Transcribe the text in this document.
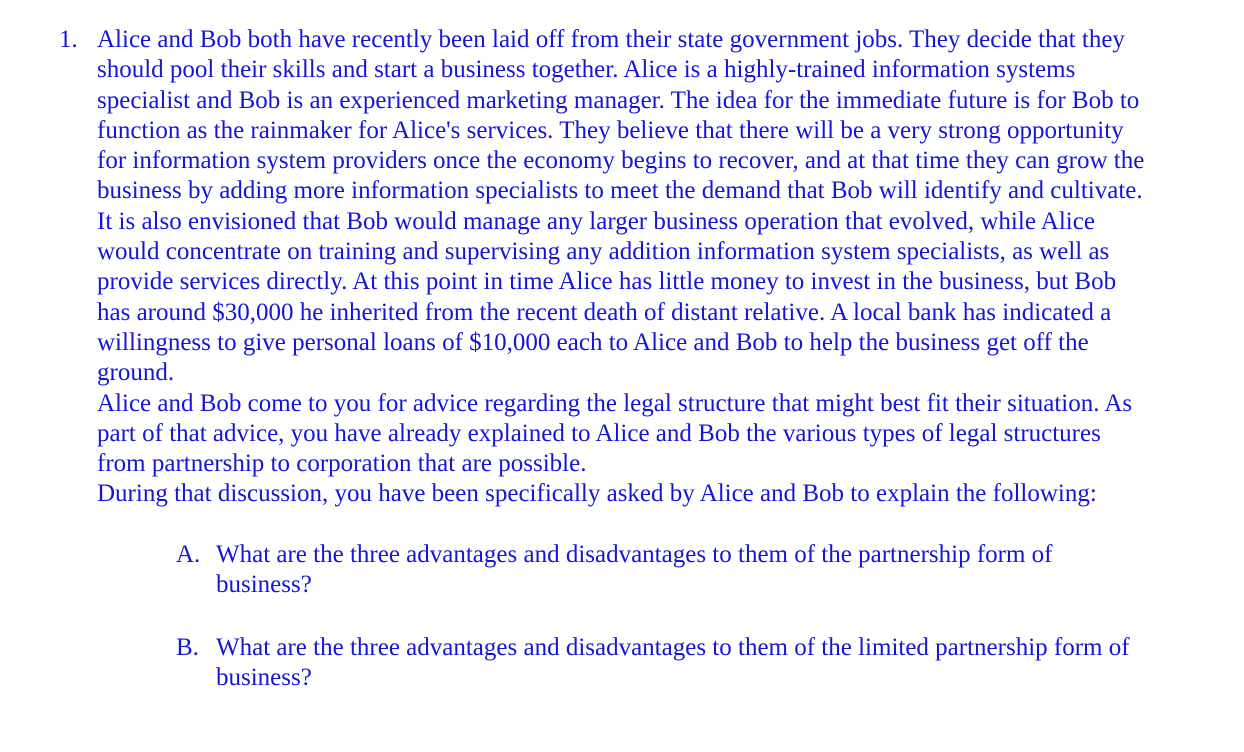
1. Alice and Bob both have recently been laid off from their state government jobs. They decide that they
should pool their skills and start a business together. Alice is a highly-trained information systems
specialist and Bob is an experienced marketing manager. The idea for the immediate future is for Bob to
function as the rainmaker for Alice's services. They believe that there will be a very strong opportunity
for information system providers once the economy begins to recover, and at that time they can grow the
business by adding more information specialists to meet the demand that Bob will identify and cultivate.
It is also envisioned that Bob would manage any larger business operation that evolved, while Alice
would concentrate on training and supervising any addition information system specialists, as well as
provide services directly. At this point in time Alice has little money to invest in the business, but Bob
has around $30,000 he inherited from the recent death of distant relative. A local bank has indicated a
willingness to give personal loans of $10,000 each to Alice and Bob to help the business get off the
ground.

Alice and Bob come to you for advice regarding the legal structure that might best fit their situation. As
part of that advice, you have already explained to Alice and Bob the various types of legal structures
from partnership to corporation that are possible.

During that discussion, you have been specifically asked by Alice and Bob to explain the following:

A. What are the three advantages and disadvantages to them of the partnership form of
business?
B. What are the three advantages and disadvantages to them of the limited partnership form of
business?
